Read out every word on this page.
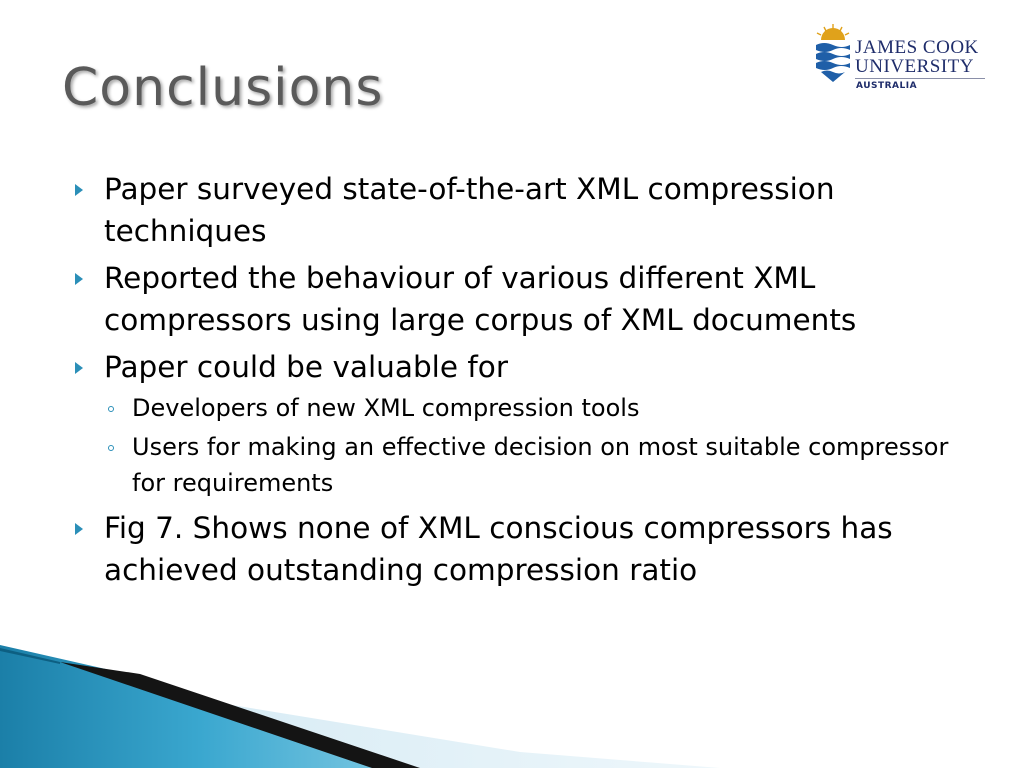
Conclusions
JAMES COOK
UNIVERSITY
AUSTRALIA
Paper surveyed state-of-the-art XML compression techniques
Reported the behaviour of various different XML compressors using large corpus of XML documents
Paper could be valuable for
Developers of new XML compression tools
Users for making an effective decision on most suitable compressor for requirements
Fig 7. Shows none of XML conscious compressors has achieved outstanding compression ratio
